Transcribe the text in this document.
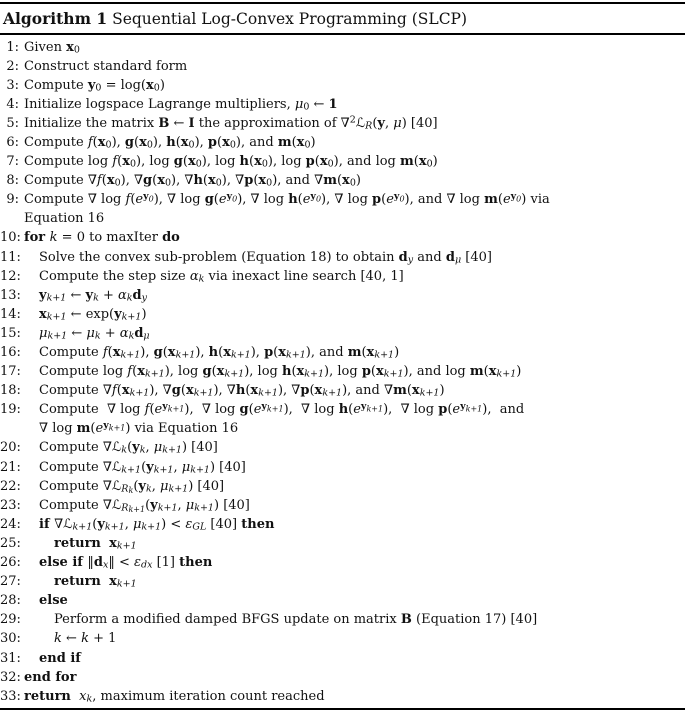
Algorithm 1 Sequential Log-Convex Programming (SLCP)
1: Given x0
2: Construct standard form
3: Compute y0 = log(x0)
4: Initialize logspace Lagrange multipliers, μ0 ← 1
5: Initialize the matrix B ← I the approximation of ∇$^2$ℒR(y, μ) [40]
6: Compute f(x0), g(x0), h(x0), p(x0), and m(x0)
7: Compute log f(x0), log g(x0), log h(x0), log p(x0), and log m(x0)
8: Compute ∇f(x0), ∇g(x0), ∇h(x0), ∇p(x0), and ∇m(x0)
9: Compute ∇ $\log f(e^y0)$, ∇ $\log g(e^y0)$, ∇ $\log h(e^y0)$, ∇ $\log p(e^y0)$, and ∇ $\log m(e^y0)$ via
Equation 16
10: for k = 0 to maxIter do
11:	Solve the convex sub-problem (Equation 18) to obtain dy and dμ [40]
12:	Compute the step size αk via inexact line search [40, 1]
13:	yk+1 ← yk + αkdy
14:	xk+1 ← exp(yk+1)
15:	μk+1 ← μk + αkdμ
16:	Compute f(xk+1), g(xk+1), h(xk+1), p(xk+1), and m(xk+1)
17:	Compute log f(xk+1), log g(xk+1), log h(xk+1), log p(xk+1), and log m(xk+1)
18:	Compute ∇f(xk+1), ∇g(xk+1), ∇h(xk+1), ∇p(xk+1), and ∇m(xk+1)
19:	Compute  ∇ $\log f(e^yk+1)$,  ∇ $\log g(e^yk+1)$,  ∇ $\log h(e^yk+1)$,  ∇ $\log p(e^yk+1)$,  and
∇ $\log m(e^yk+1)$ via Equation 16
20:	Compute ∇ℒk(yk, μk+1) [40]
21:	Compute ∇ℒk+1(yk+1, μk+1) [40]
22:	Compute ∇ℒR$_k$(yk, μk+1) [40]
23:	Compute ∇ℒR$_{k+1}$(yk+1, μk+1) [40]
24:	if ∇ℒk+1(yk+1, μk+1) < εGL [40] then
25:	return xk+1
26:	else if ‖dx‖ < εdx [1] then
27:	return xk+1
28:	else
29:	Perform a modified damped BFGS update on matrix B (Equation 17) [40]
30:	k ← k + 1
31:	end if
32: end for
33: return xk, maximum iteration count reached
